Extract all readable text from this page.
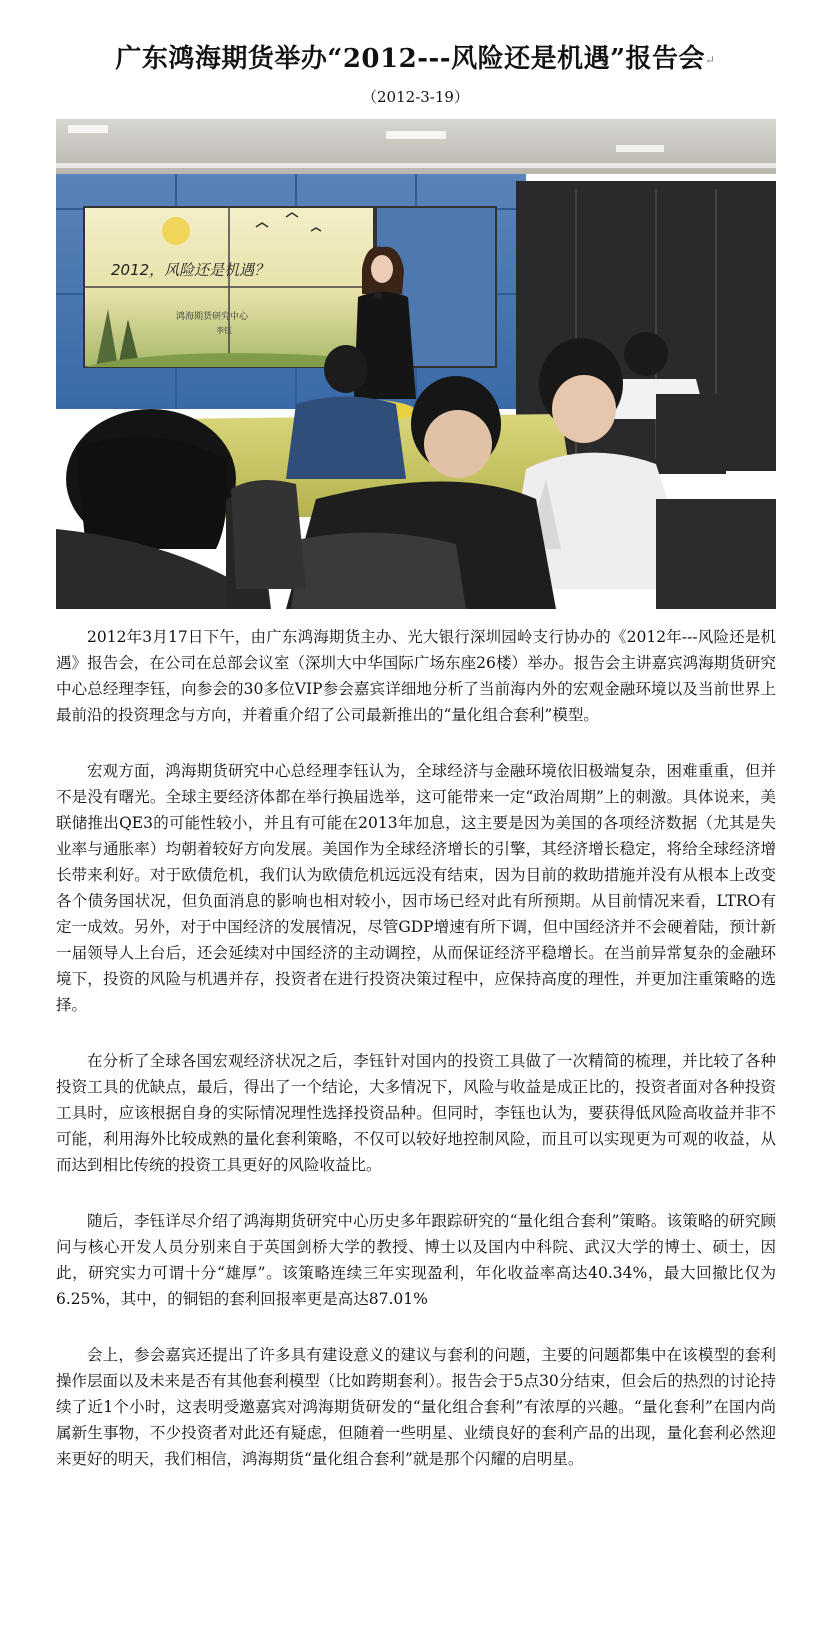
广东鸿海期货举办“2012---风险还是机遇”报告会↵
（2012-3-19）
2012，风险还是机遇？
鸿海期货研究中心
李钰

2012年3月17日下午，由广东鸿海期货主办、光大银行深圳园岭支行协办的《2012年---风险还是机遇》报告会，在公司在总部会议室（深圳大中华国际广场东座26楼）举办。报告会主讲嘉宾鸿海期货研究中心总经理李钰，向参会的30多位VIP参会嘉宾详细地分析了当前海内外的宏观金融环境以及当前世界上最前沿的投资理念与方向，并着重介绍了公司最新推出的“量化组合套利”模型。

宏观方面，鸿海期货研究中心总经理李钰认为，全球经济与金融环境依旧极端复杂，困难重重，但并不是没有曙光。全球主要经济体都在举行换届选举，这可能带来一定“政治周期”上的刺激。具体说来，美联储推出QE3的可能性较小，并且有可能在2013年加息，这主要是因为美国的各项经济数据（尤其是失业率与通胀率）均朝着较好方向发展。美国作为全球经济增长的引擎，其经济增长稳定，将给全球经济增长带来利好。对于欧债危机，我们认为欧债危机远远没有结束，因为目前的救助措施并没有从根本上改变各个债务国状况，但负面消息的影响也相对较小，因市场已经对此有所预期。从目前情况来看，LTRO有定一成效。另外，对于中国经济的发展情况，尽管GDP增速有所下调，但中国经济并不会硬着陆，预计新一届领导人上台后，还会延续对中国经济的主动调控，从而保证经济平稳增长。在当前异常复杂的金融环境下，投资的风险与机遇并存，投资者在进行投资决策过程中，应保持高度的理性，并更加注重策略的选择。

在分析了全球各国宏观经济状况之后，李钰针对国内的投资工具做了一次精简的梳理，并比较了各种投资工具的优缺点，最后，得出了一个结论，大多情况下，风险与收益是成正比的，投资者面对各种投资工具时，应该根据自身的实际情况理性选择投资品种。但同时，李钰也认为，要获得低风险高收益并非不可能，利用海外比较成熟的量化套利策略，不仅可以较好地控制风险，而且可以实现更为可观的收益，从而达到相比传统的投资工具更好的风险收益比。

随后，李钰详尽介绍了鸿海期货研究中心历史多年跟踪研究的“量化组合套利”策略。该策略的研究顾问与核心开发人员分别来自于英国剑桥大学的教授、博士以及国内中科院、武汉大学的博士、硕士，因此，研究实力可谓十分“雄厚”。该策略连续三年实现盈利，年化收益率高达40.34%，最大回撤比仅为6.25%，其中，的铜铝的套利回报率更是高达87.01%

会上，参会嘉宾还提出了许多具有建设意义的建议与套利的问题，主要的问题都集中在该模型的套利操作层面以及未来是否有其他套利模型（比如跨期套利）。报告会于5点30分结束，但会后的热烈的讨论持续了近1个小时，这表明受邀嘉宾对鸿海期货研发的“量化组合套利”有浓厚的兴趣。“量化套利”在国内尚属新生事物，不少投资者对此还有疑虑，但随着一些明星、业绩良好的套利产品的出现，量化套利必然迎来更好的明天，我们相信，鸿海期货“量化组合套利”就是那个闪耀的启明星。
